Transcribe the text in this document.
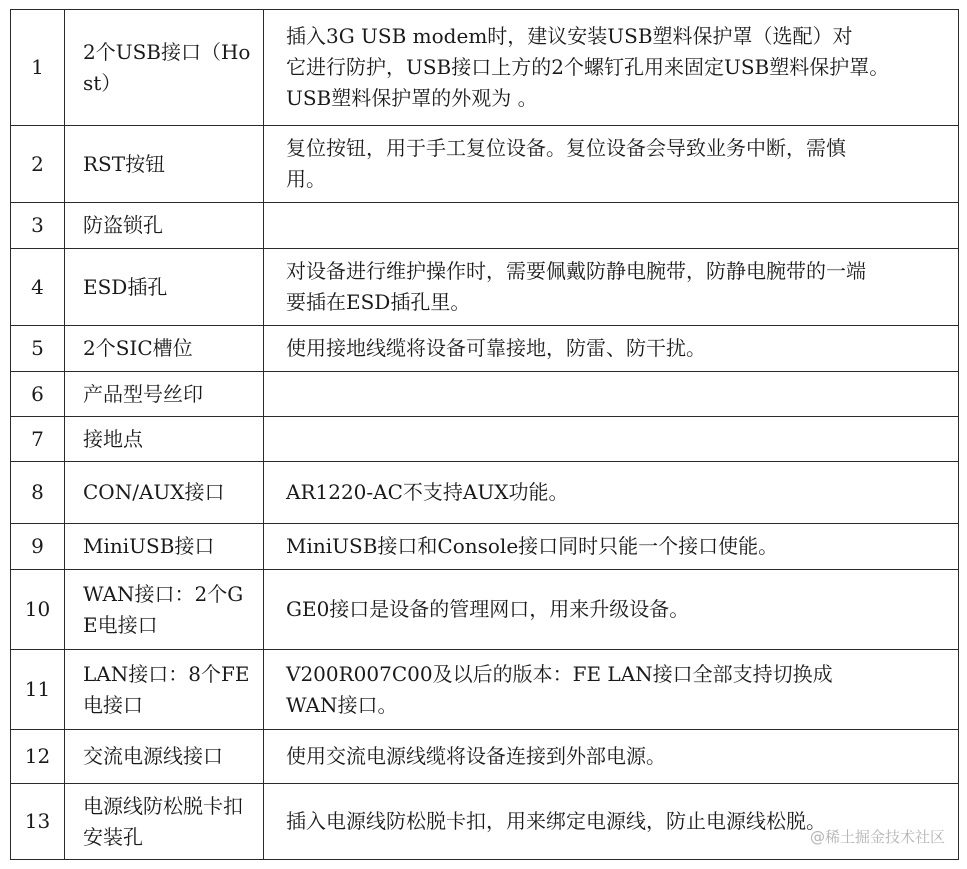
1	2个USB接口（Host）	插入3G USB modem时，建议安装USB塑料保护罩（选配）对
它进行防护，USB接口上方的2个螺钉孔用来固定USB塑料保护罩。
USB塑料保护罩的外观为 。
2	RST按钮	复位按钮，用于手工复位设备。复位设备会导致业务中断，需慎
用。
3	防盗锁孔	
4	ESD插孔	对设备进行维护操作时，需要佩戴防静电腕带，防静电腕带的一端
要插在ESD插孔里。
5	2个SIC槽位	使用接地线缆将设备可靠接地，防雷、防干扰。
6	产品型号丝印	
7	接地点	
8	CON/AUX接口	AR1220-AC不支持AUX功能。
9	MiniUSB接口	MiniUSB接口和Console接口同时只能一个接口使能。
10	WAN接口：2个GE电接口	GE0接口是设备的管理网口，用来升级设备。
11	LAN接口：8个FE电接口	V200R007C00及以后的版本：FE LAN接口全部支持切换成
WAN接口。
12	交流电源线接口	使用交流电源线缆将设备连接到外部电源。
13	电源线防松脱卡扣安装孔	插入电源线防松脱卡扣，用来绑定电源线，防止电源线松脱。
@稀土掘金技术社区
